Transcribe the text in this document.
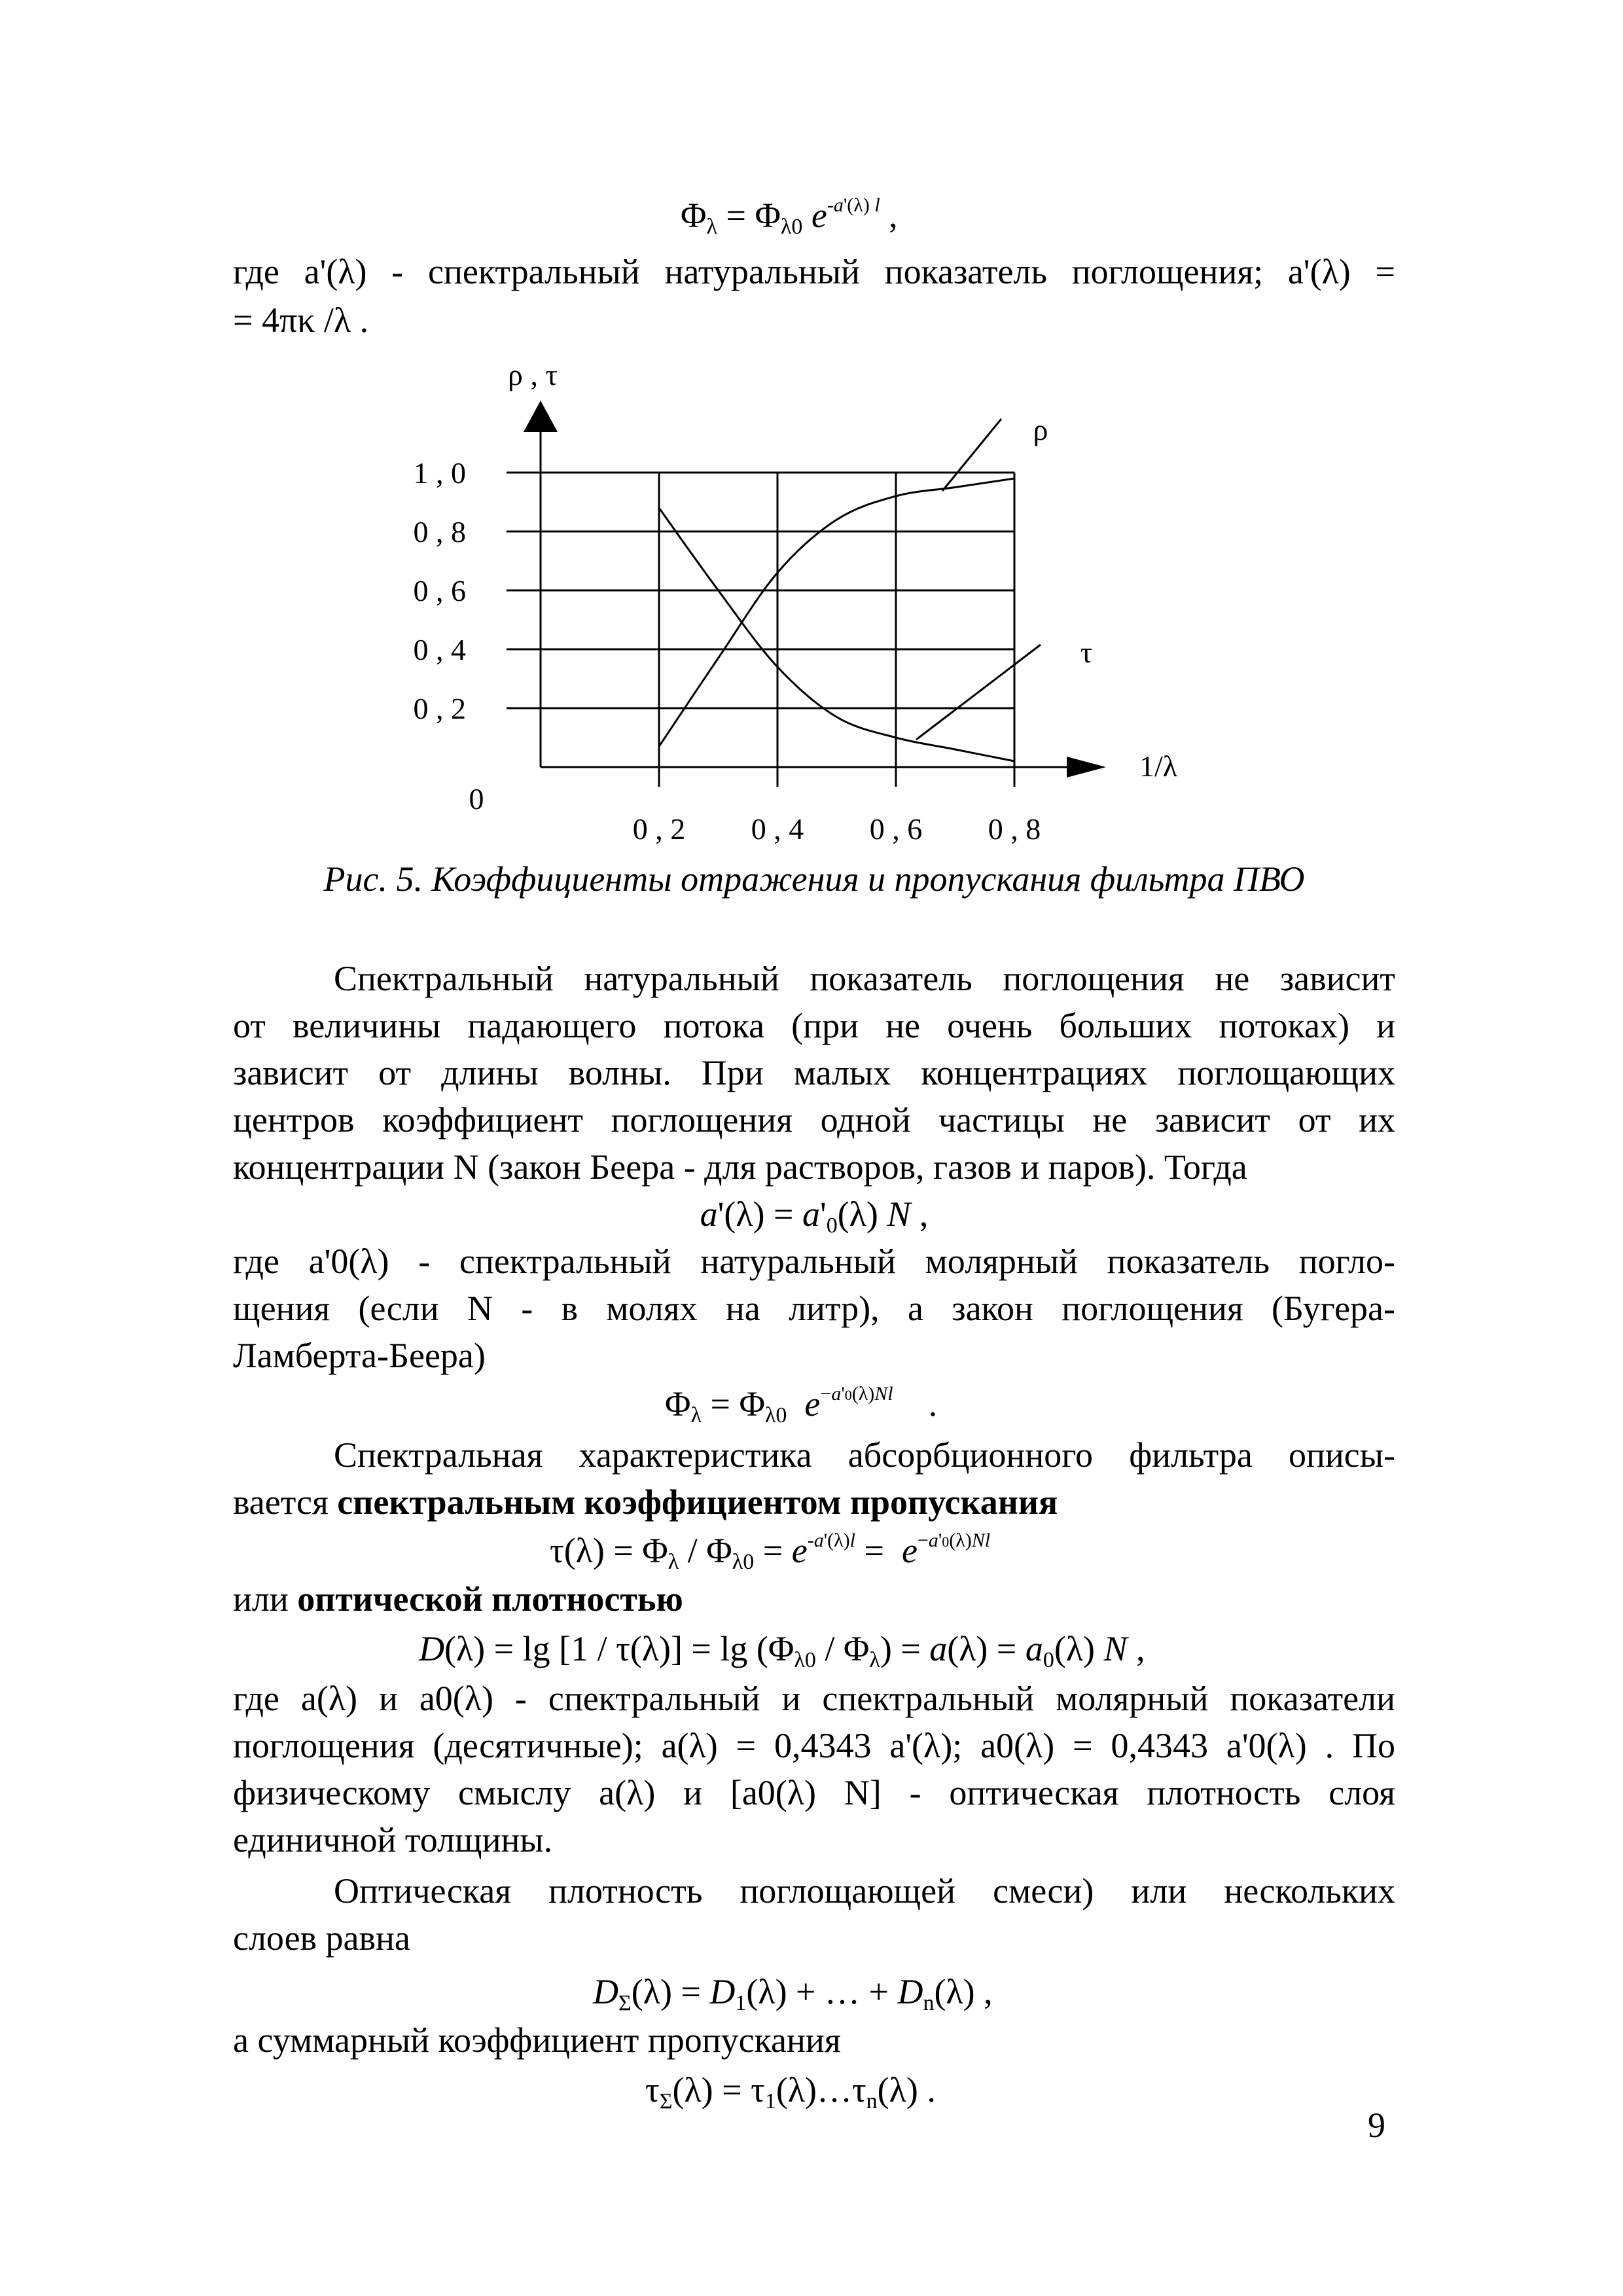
$\Phi_\lambda = \Phi_{\lambda 0}$ $e^{-a'(\lambda) l}$ ,
где a'(λ) - спектральный натуральный показатель поглощения; a'(λ) =
= 4πκ /λ .
0 , 2
0 , 4
0 , 6
0 , 8
1 , 0
0 , 2 0 , 4 0 , 6 0 , 8
0
ρ , τ
1/λ
ρ
τ
Рис. 5. Коэффициенты отражения и пропускания фильтра ПВО
Спектральный натуральный показатель поглощения не зависит
от величины падающего потока (при не очень больших потоках) и
зависит от длины волны. При малых концентрациях поглощающих
центров коэффициент поглощения одной частицы не зависит от их
концентрации N (закон Беера - для растворов, газов и паров). Тогда
$a'(\lambda) = a'_0(\lambda)$ N ,
где a'0(λ) - спектральный натуральный молярный показатель погло-
щения (если N - в молях на литр), а закон поглощения (Бугера-
Ламберта-Беера)
$\Phi_\lambda = \Phi_{\lambda 0}$ $e^{-a'0(\lambda)Nl}$    .
Спектральная характеристика абсорбционного фильтра описы-
вается спектральным коэффициентом пропускания
$\tau(\lambda) = \Phi_\lambda / \Phi_{\lambda 0} = e^{-a'(\lambda)l} = e^{-a'0(\lambda)Nl}$
или оптической плотностью
$D(\lambda) = \lg [1 / \tau(\lambda)] = \lg (\Phi_{\lambda 0} / \Phi_\lambda) = a(\lambda) = a_0(\lambda)$ N ,
где a(λ) и a0(λ) - спектральный и спектральный молярный показатели
поглощения (десятичные); a(λ) = 0,4343 a'(λ); a0(λ) = 0,4343 a'0(λ) . По
физическому смыслу a(λ) и [a0(λ) N] - оптическая плотность слоя
единичной толщины.
Оптическая плотность поглощающей смеси) или нескольких
слоев равна
$D_\Sigma(\lambda) = D_1(\lambda)$ + … + $D_n(\lambda)$ ,
а суммарный коэффициент пропускания
$\tau_\Sigma(\lambda)$ = $\tau_1(\lambda)\dots\tau_n(\lambda)$ .
9
